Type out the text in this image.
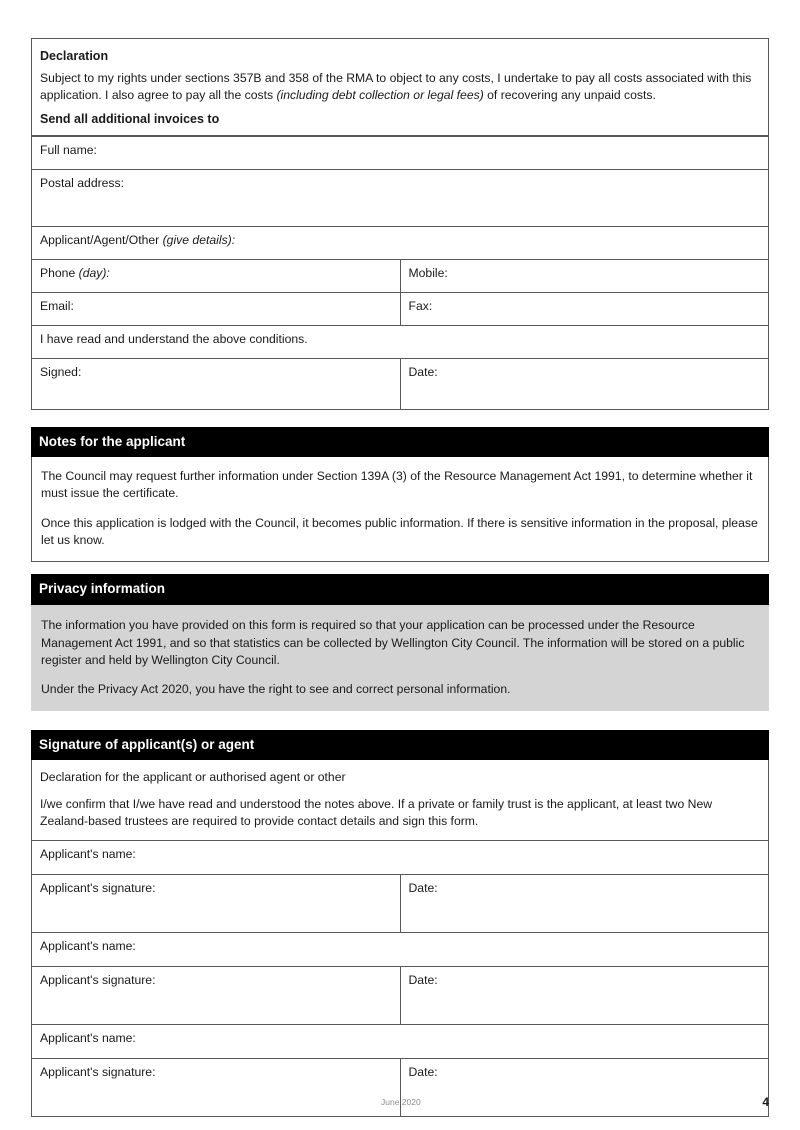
Declaration
Subject to my rights under sections 357B and 358 of the RMA to object to any costs, I undertake to pay all costs associated with this application. I also agree to pay all the costs (including debt collection or legal fees) of recovering any unpaid costs.
Send all additional invoices to
Full name:	
Postal address:	
Applicant/Agent/Other (give details):	
Phone (day):	Mobile:
Email:	Fax:
I have read and understand the above conditions.	
Signed:	Date:
Notes for the applicant

The Council may request further information under Section 139A (3) of the Resource Management Act 1991, to determine whether it must issue the certificate.

Once this application is lodged with the Council, it becomes public information. If there is sensitive information in the proposal, please let us know.

Privacy information

The information you have provided on this form is required so that your application can be processed under the Resource Management Act 1991, and so that statistics can be collected by Wellington City Council. The information will be stored on a public register and held by Wellington City Council.

Under the Privacy Act 2020, you have the right to see and correct personal information.

Signature of applicant(s) or agent

Declaration for the applicant or authorised agent or other

I/we confirm that I/we have read and understood the notes above. If a private or family trust is the applicant, at least two New Zealand-based trustees are required to provide contact details and sign this form.

Applicant's name:	
Applicant's signature:	Date:
Applicant's name:	
Applicant's signature:	Date:
Applicant's name:	
Applicant's signature:	Date:
June 2020	4
